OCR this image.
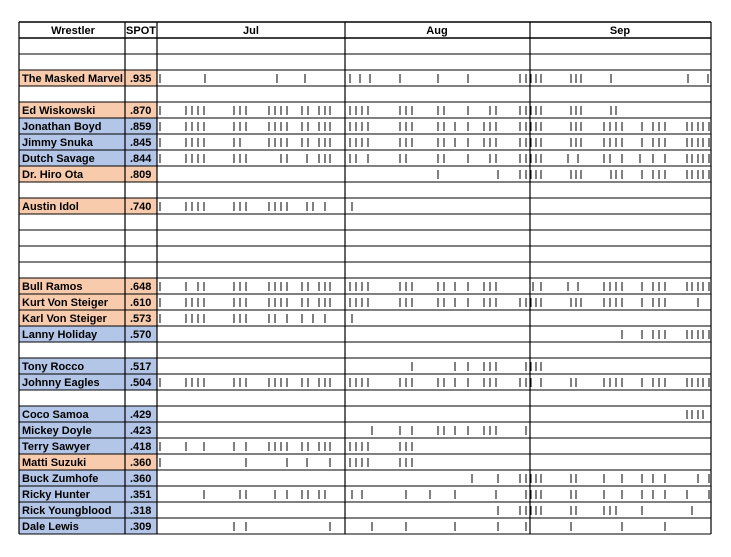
Wrestler	SPOT	Jul	Aug	Sep
The Masked Marvel .935
Ed Wiskowski	.870
Jonathan Boyd	.859
Jimmy Snuka	.845
Dutch Savage	.844
Dr. Hiro Ota	.809
Austin Idol	.740
Bull Ramos	.648
Kurt Von Steiger .610
Karl Von Steiger .573
Lanny Holiday	.570
Tony Rocco	.517
Johnny Eagles	.504
Coco Samoa	.429
Mickey Doyle	.423
Terry Sawyer	.418
Matti Suzuki	.360
Buck Zumhofe	.360
Ricky Hunter	.351
Rick Youngblood .318
Dale Lewis	.309
